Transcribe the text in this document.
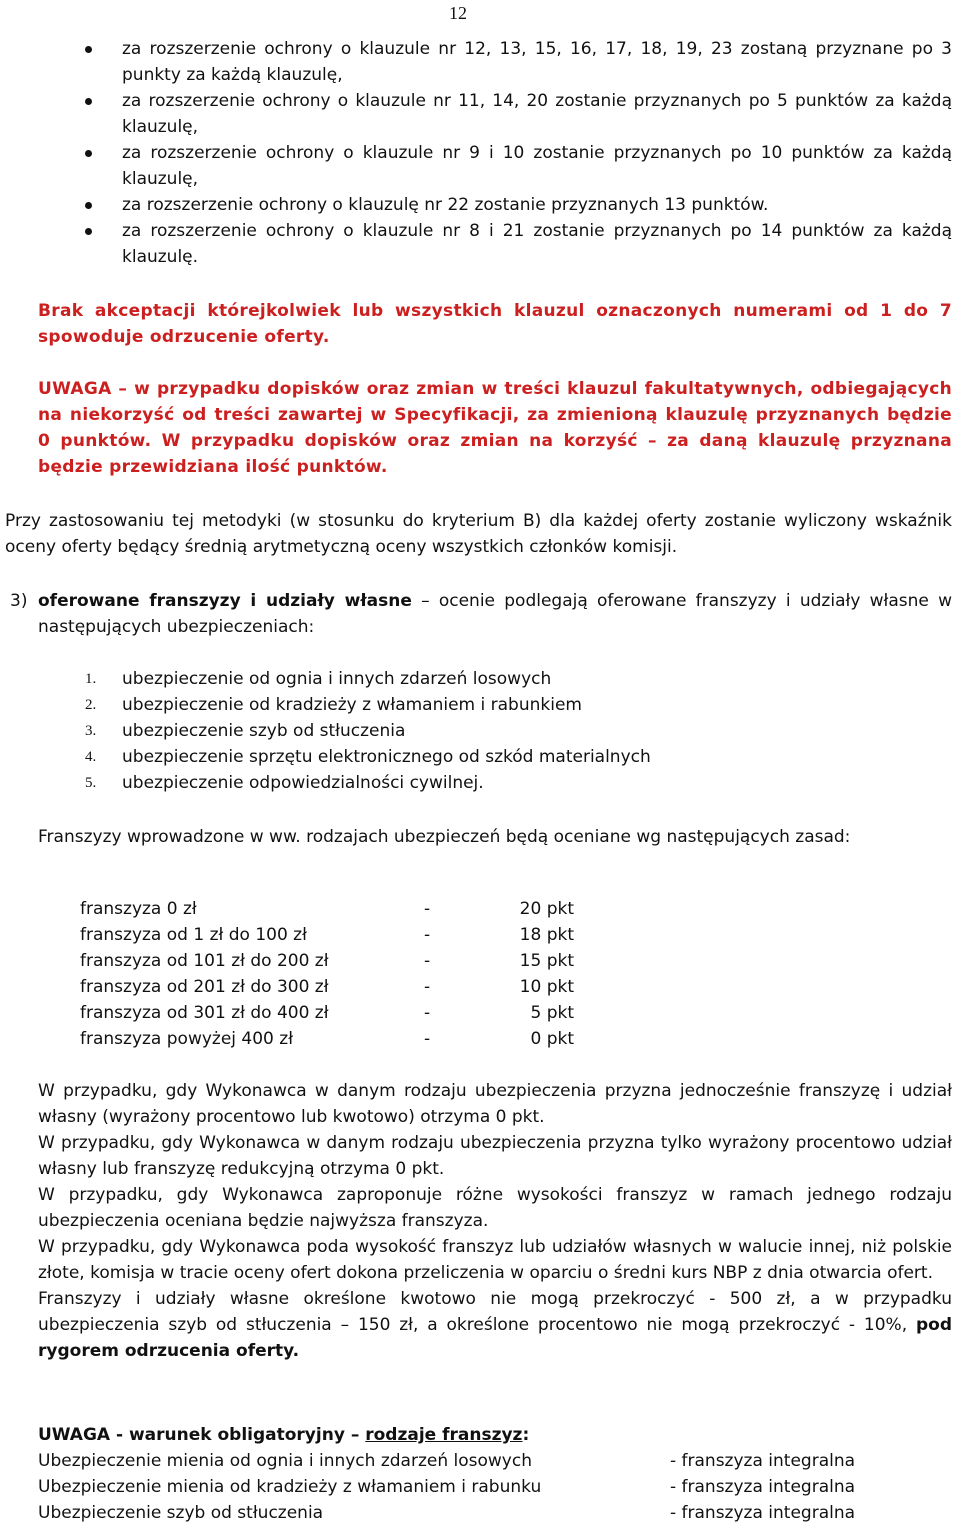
12
za rozszerzenie ochrony o klauzule nr 12, 13, 15, 16, 17, 18, 19, 23 zostaną przyznane po 3 punkty za każdą klauzulę,
za rozszerzenie ochrony o klauzule nr 11, 14, 20 zostanie przyznanych po 5 punktów za każdą klauzulę,
za rozszerzenie ochrony o klauzule nr 9 i 10 zostanie przyznanych po 10 punktów za każdą klauzulę,
za rozszerzenie ochrony o klauzulę nr 22 zostanie przyznanych 13 punktów.
za rozszerzenie ochrony o klauzule nr 8 i 21 zostanie przyznanych po 14 punktów za każdą klauzulę.
Brak akceptacji którejkolwiek lub wszystkich klauzul oznaczonych numerami od 1 do 7 spowoduje odrzucenie oferty.
UWAGA – w przypadku dopisków oraz zmian w treści klauzul fakultatywnych, odbiegających na niekorzyść od treści zawartej w Specyfikacji, za zmienioną klauzulę przyznanych będzie 0 punktów. W przypadku dopisków oraz zmian na korzyść – za daną klauzulę przyznana będzie przewidziana ilość punktów.
Przy zastosowaniu tej metodyki (w stosunku do kryterium B) dla każdej oferty zostanie wyliczony wskaźnik oceny oferty będący średnią arytmetyczną oceny wszystkich członków komisji.
3) oferowane franszyzy i udziały własne – ocenie podlegają oferowane franszyzy i udziały własne w następujących ubezpieczeniach:
1. ubezpieczenie od ognia i innych zdarzeń losowych
2. ubezpieczenie od kradzieży z włamaniem i rabunkiem
3. ubezpieczenie szyb od stłuczenia
4. ubezpieczenie sprzętu elektronicznego od szkód materialnych
5. ubezpieczenie odpowiedzialności cywilnej.
Franszyzy wprowadzone w ww. rodzajach ubezpieczeń będą oceniane wg następujących zasad:
franszyza 0 zł	-	20 pkt
franszyza od 1 zł do 100 zł	-	18 pkt
franszyza od 101 zł do 200 zł	-	15 pkt
franszyza od 201 zł do 300 zł	-	10 pkt
franszyza od 301 zł do 400 zł	-	5 pkt
franszyza powyżej 400 zł	-	0 pkt

W przypadku, gdy Wykonawca w danym rodzaju ubezpieczenia przyzna jednocześnie franszyzę i udział własny (wyrażony procentowo lub kwotowo) otrzyma 0 pkt.

W przypadku, gdy Wykonawca w danym rodzaju ubezpieczenia przyzna tylko wyrażony procentowo udział własny lub franszyzę redukcyjną otrzyma 0 pkt.

W przypadku, gdy Wykonawca zaproponuje różne wysokości franszyz w ramach jednego rodzaju ubezpieczenia oceniana będzie najwyższa franszyza.

W przypadku, gdy Wykonawca poda wysokość franszyz lub udziałów własnych w walucie innej, niż polskie złote, komisja w tracie oceny ofert dokona przeliczenia w oparciu o średni kurs NBP z dnia otwarcia ofert.

Franszyzy i udziały własne określone kwotowo nie mogą przekroczyć - 500 zł, a w przypadku ubezpieczenia szyb od stłuczenia – 150 zł, a określone procentowo nie mogą przekroczyć - 10%, pod rygorem odrzucenia oferty.

UWAGA - warunek obligatoryjny – rodzaje franszyz:
Ubezpieczenie mienia od ognia i innych zdarzeń losowych	- franszyza integralna
Ubezpieczenie mienia od kradzieży z włamaniem i rabunku	- franszyza integralna
Ubezpieczenie szyb od stłuczenia	- franszyza integralna
